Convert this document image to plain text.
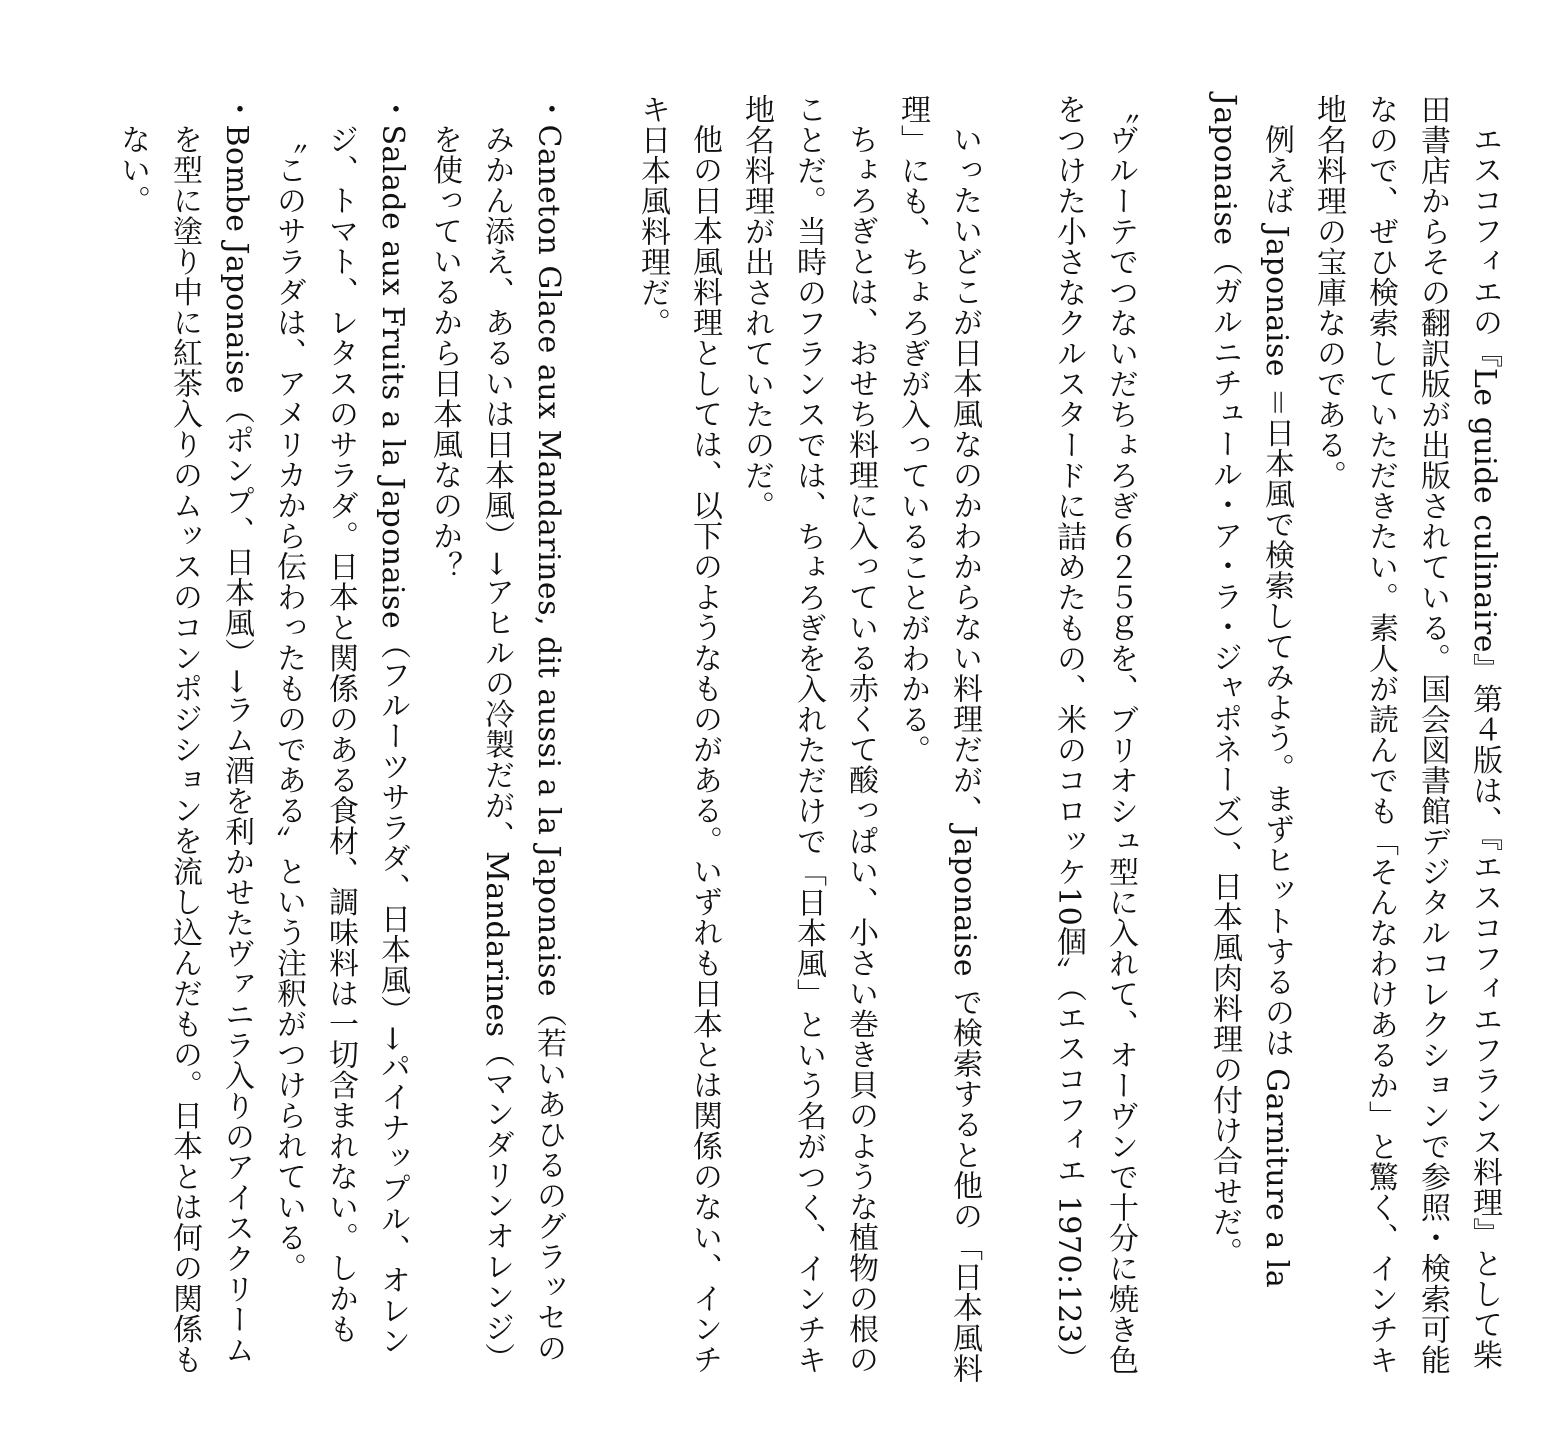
エスコフィエの『Le guide culinaire』第４版は、『エスコフィエフランス料理』として柴田書店からその翻訳版が出版されている。国会図書館デジタルコレクションで参照・検索可能なので、ぜひ検索していただきたい。素人が読んでも「そんなわけあるか」と驚く、インチキ地名料理の宝庫なのである。

例えば Japonaise ＝日本風で検索してみよう。まずヒットするのは Garniture a la Japonaise（ガルニチュール・ア・ラ・ジャポネーズ）、日本風肉料理の付け合せだ。

〝ヴルーテでつないだちょろぎ６２５ｇを、ブリオシュ型に入れて、オーヴンで十分に焼き色をつけた小さなクルスタードに詰めたもの、米のコロッケ10個〟（エスコフィエ 1970:123）

いったいどこが日本風なのかわからない料理だが、Japonaise で検索すると他の「日本風料理」にも、ちょろぎが入っていることがわかる。

ちょろぎとは、おせち料理に入っている赤くて酸っぱい、小さい巻き貝のような植物の根のことだ。当時のフランスでは、ちょろぎを入れただけで「日本風」という名がつく、インチキ地名料理が出されていたのだ。

他の日本風料理としては、以下のようなものがある。いずれも日本とは関係のない、インチキ日本風料理だ。

・Caneton Glace aux Mandarines, dit aussi a la Japonaise（若いあひるのグラッセのみかん添え、あるいは日本風）→アヒルの冷製だが、Mandarines（マンダリンオレンジ）を使っているから日本風なのか？

・Salade aux Fruits a la Japonaise（フルーツサラダ、日本風）→パイナップル、オレンジ、トマト、レタスのサラダ。日本と関係のある食材、調味料は一切含まれない。しかも〝このサラダは、アメリカから伝わったものである〟という注釈がつけられている。

・Bombe Japonaise（ポンプ、日本風）→ラム酒を利かせたヴァニラ入りのアイスクリームを型に塗り中に紅茶入りのムッスのコンポジションを流し込んだもの。日本とは何の関係もない。
